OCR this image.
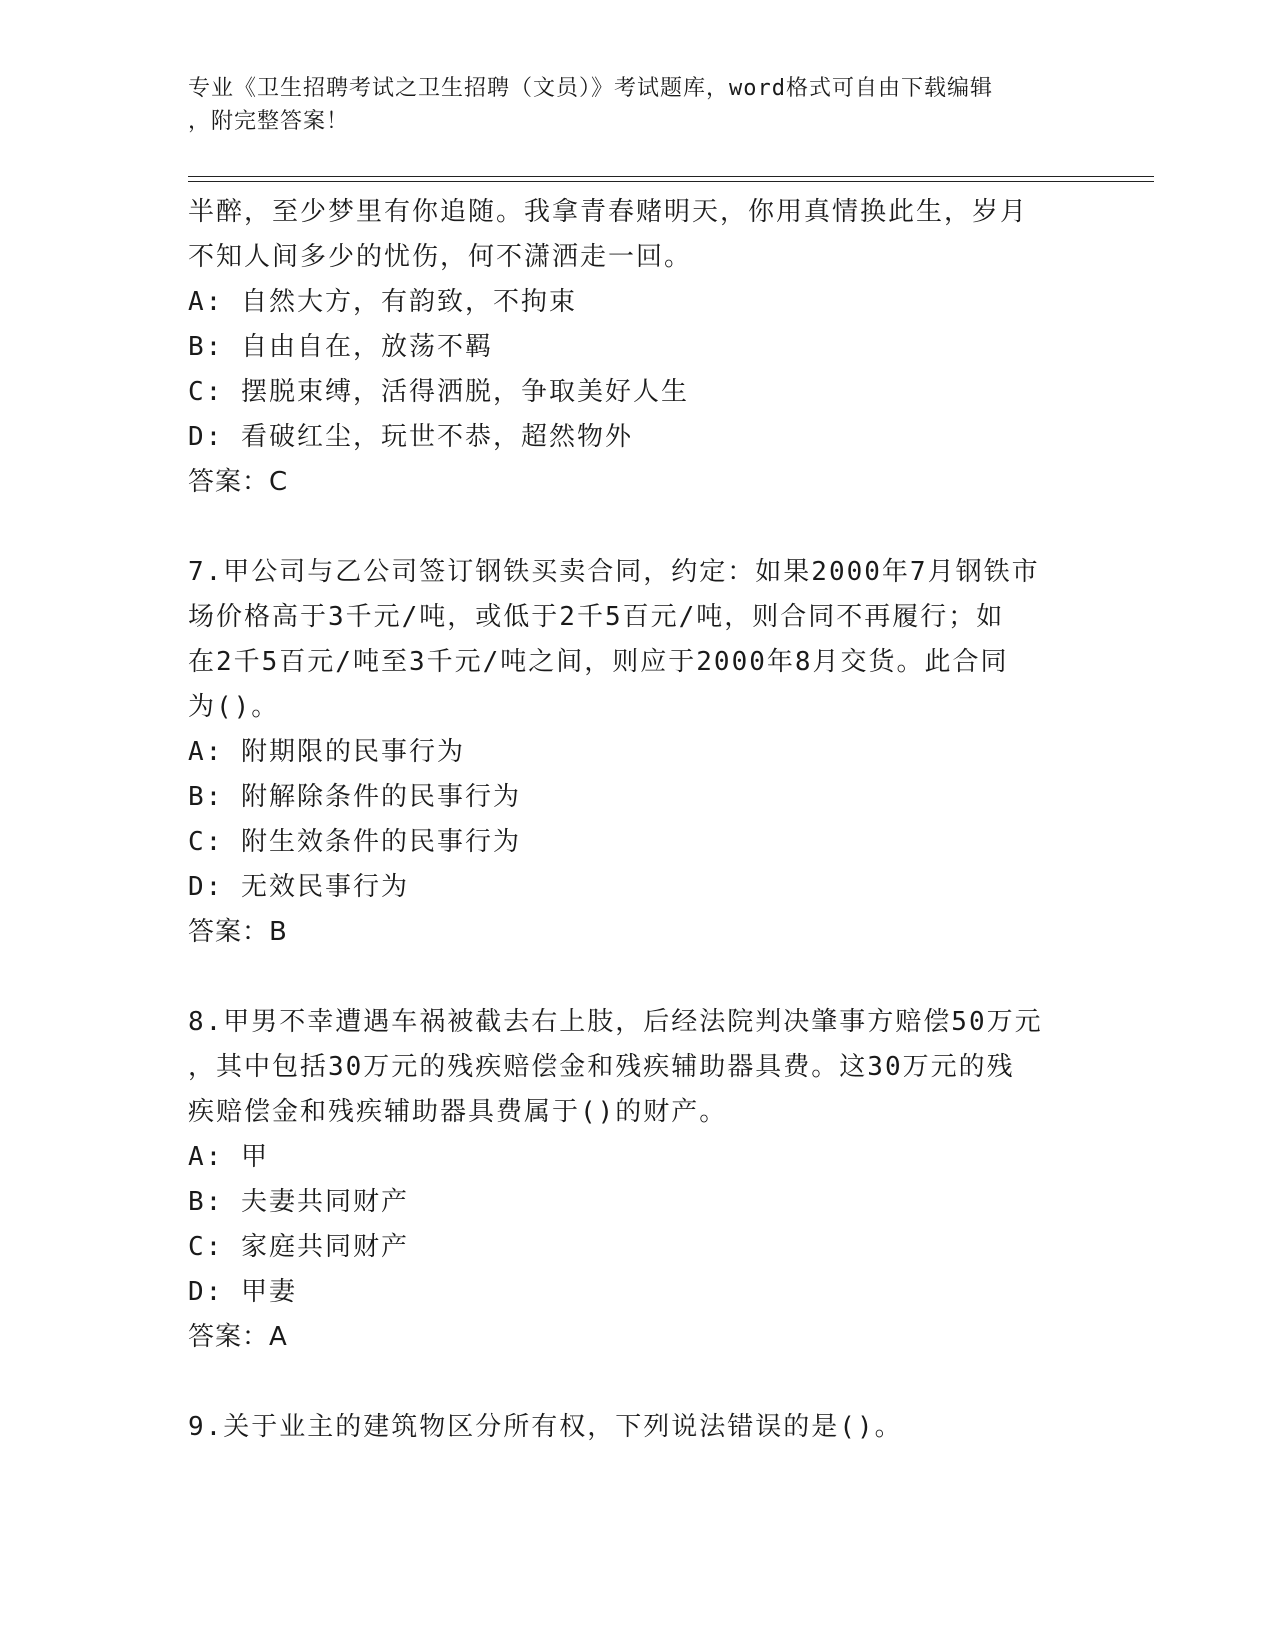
专业《卫生招聘考试之卫生招聘（文员）》考试题库，word格式可自由下载编辑
，附完整答案！
半醉，至少梦里有你追随。我拿青春赌明天，你用真情换此生，岁月
不知人间多少的忧伤，何不潇洒走一回。
A: 自然大方，有韵致，不拘束
B: 自由自在，放荡不羁
C: 摆脱束缚，活得洒脱，争取美好人生
D: 看破红尘，玩世不恭，超然物外
答案：C
7.甲公司与乙公司签订钢铁买卖合同，约定：如果2000年7月钢铁市
场价格高于3千元/吨，或低于2千5百元/吨，则合同不再履行；如
在2千5百元/吨至3千元/吨之间，则应于2000年8月交货。此合同
为()。
A: 附期限的民事行为
B: 附解除条件的民事行为
C: 附生效条件的民事行为
D: 无效民事行为
答案：B
8.甲男不幸遭遇车祸被截去右上肢，后经法院判决肇事方赔偿50万元
，其中包括30万元的残疾赔偿金和残疾辅助器具费。这30万元的残
疾赔偿金和残疾辅助器具费属于()的财产。
A: 甲
B: 夫妻共同财产
C: 家庭共同财产
D: 甲妻
答案：A
9.关于业主的建筑物区分所有权，下列说法错误的是()。
